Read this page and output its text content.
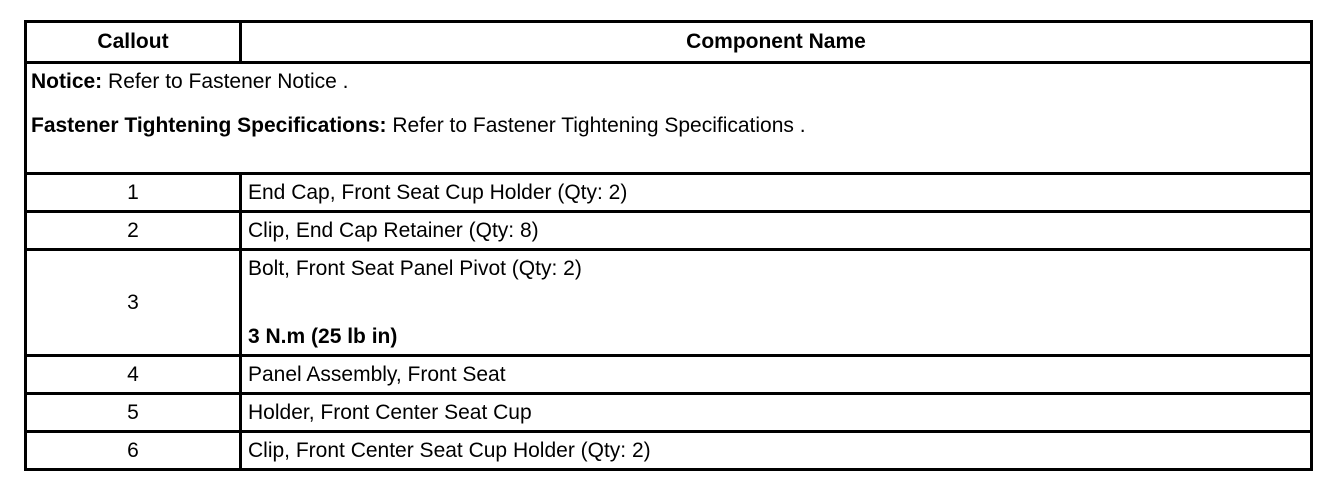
Callout	Component Name

Notice: Refer to Fastener Notice .

Fastener Tightening Specifications: Refer to Fastener Tightening Specifications .	

1	End Cap, Front Seat Cup Holder (Qty: 2)
2	Clip, End Cap Retainer (Qty: 8)
3	Bolt, Front Seat Panel Pivot (Qty: 2)
3 N.m (25 lb in)

4	Panel Assembly, Front Seat
5	Holder, Front Center Seat Cup
6	Clip, Front Center Seat Cup Holder (Qty: 2)
